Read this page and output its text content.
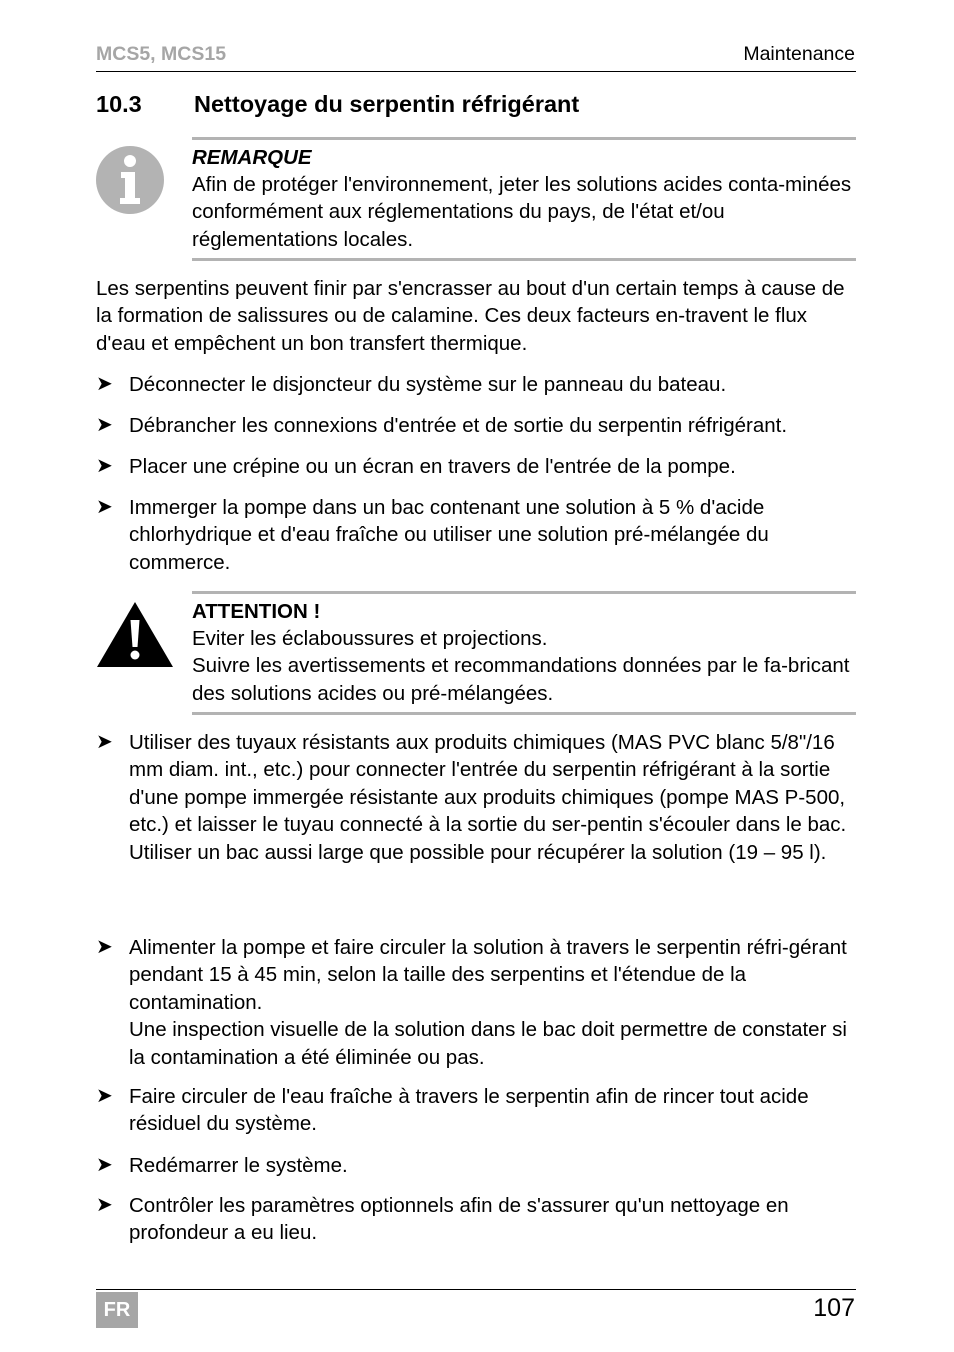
MCS5, MCS15	Maintenance
10.3 Nettoyage du serpentin réfrigérant
REMARQUE

Afin de protéger l'environnement, jeter les solutions acides conta-minées conformément aux réglementations du pays, de l'état et/ou réglementations locales.

Les serpentins peuvent finir par s'encrasser au bout d'un certain temps à cause de la formation de salissures ou de calamine. Ces deux facteurs en-travent le flux d'eau et empêchent un bon transfert thermique.

➤ Déconnecter le disjoncteur du système sur le panneau du bateau.
➤ Débrancher les connexions d'entrée et de sortie du serpentin réfrigérant.
➤ Placer une crépine ou un écran en travers de l'entrée de la pompe.
➤ Immerger la pompe dans un bac contenant une solution à 5 % d'acide chlorhydrique et d'eau fraîche ou utiliser une solution pré-mélangée du commerce.
ATTENTION !

Eviter les éclaboussures et projections.

Suivre les avertissements et recommandations données par le fa-bricant des solutions acides ou pré-mélangées.

➤ Utiliser des tuyaux résistants aux produits chimiques (MAS PVC blanc 5/8"/16 mm diam. int., etc.) pour connecter l'entrée du serpentin réfrigérant à la sortie d'une pompe immergée résistante aux produits chimiques (pompe MAS P-500, etc.) et laisser le tuyau connecté à la sortie du ser-pentin s'écouler dans le bac.
Utiliser un bac aussi large que possible pour récupérer la solution (19 – 95 l).
➤ Alimenter la pompe et faire circuler la solution à travers le serpentin réfri-gérant pendant 15 à 45 min, selon la taille des serpentins et l'étendue de la contamination.
Une inspection visuelle de la solution dans le bac doit permettre de constater si la contamination a été éliminée ou pas.
➤ Faire circuler de l'eau fraîche à travers le serpentin afin de rincer tout acide résiduel du système.
➤ Redémarrer le système.
➤ Contrôler les paramètres optionnels afin de s'assurer qu'un nettoyage en profondeur a eu lieu.
FR	107
